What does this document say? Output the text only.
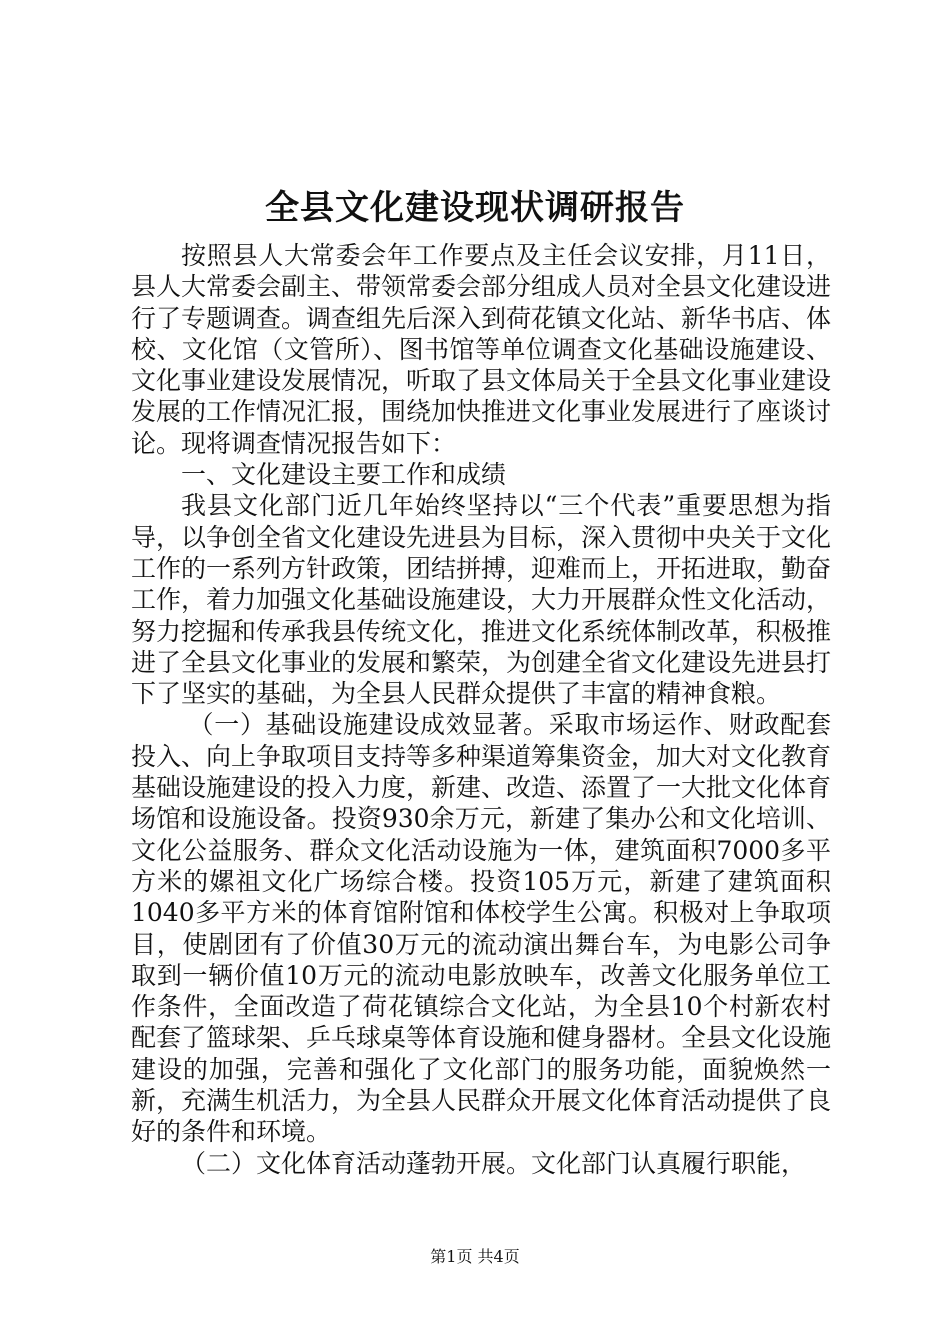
全县文化建设现状调研报告

按照县人大常委会年工作要点及主任会议安排，月11日，县人大常委会副主、带领常委会部分组成人员对全县文化建设进行了专题调查。调查组先后深入到荷花镇文化站、新华书店、体校、文化馆（文管所）、图书馆等单位调查文化基础设施建设、文化事业建设发展情况，听取了县文体局关于全县文化事业建设发展的工作情况汇报，围绕加快推进文化事业发展进行了座谈讨论。现将调查情况报告如下：

一、文化建设主要工作和成绩

我县文化部门近几年始终坚持以“三个代表”重要思想为指导，以争创全省文化建设先进县为目标，深入贯彻中央关于文化工作的一系列方针政策，团结拼搏，迎难而上，开拓进取，勤奋工作，着力加强文化基础设施建设，大力开展群众性文化活动，努力挖掘和传承我县传统文化，推进文化系统体制改革，积极推进了全县文化事业的发展和繁荣，为创建全省文化建设先进县打下了坚实的基础，为全县人民群众提供了丰富的精神食粮。

（一）基础设施建设成效显著。采取市场运作、财政配套投入、向上争取项目支持等多种渠道筹集资金，加大对文化教育基础设施建设的投入力度，新建、改造、添置了一大批文化体育场馆和设施设备。投资930余万元，新建了集办公和文化培训、文化公益服务、群众文化活动设施为一体，建筑面积7000多平方米的嫘祖文化广场综合楼。投资105万元，新建了建筑面积1040多平方米的体育馆附馆和体校学生公寓。积极对上争取项目，使剧团有了价值30万元的流动演出舞台车，为电影公司争取到一辆价值10万元的流动电影放映车，改善文化服务单位工作条件，全面改造了荷花镇综合文化站，为全县10个村新农村配套了篮球架、乒乓球桌等体育设施和健身器材。全县文化设施建设的加强，完善和强化了文化部门的服务功能，面貌焕然一新，充满生机活力，为全县人民群众开展文化体育活动提供了良好的条件和环境。

（二）文化体育活动蓬勃开展。文化部门认真履行职能，

第1页 共4页
